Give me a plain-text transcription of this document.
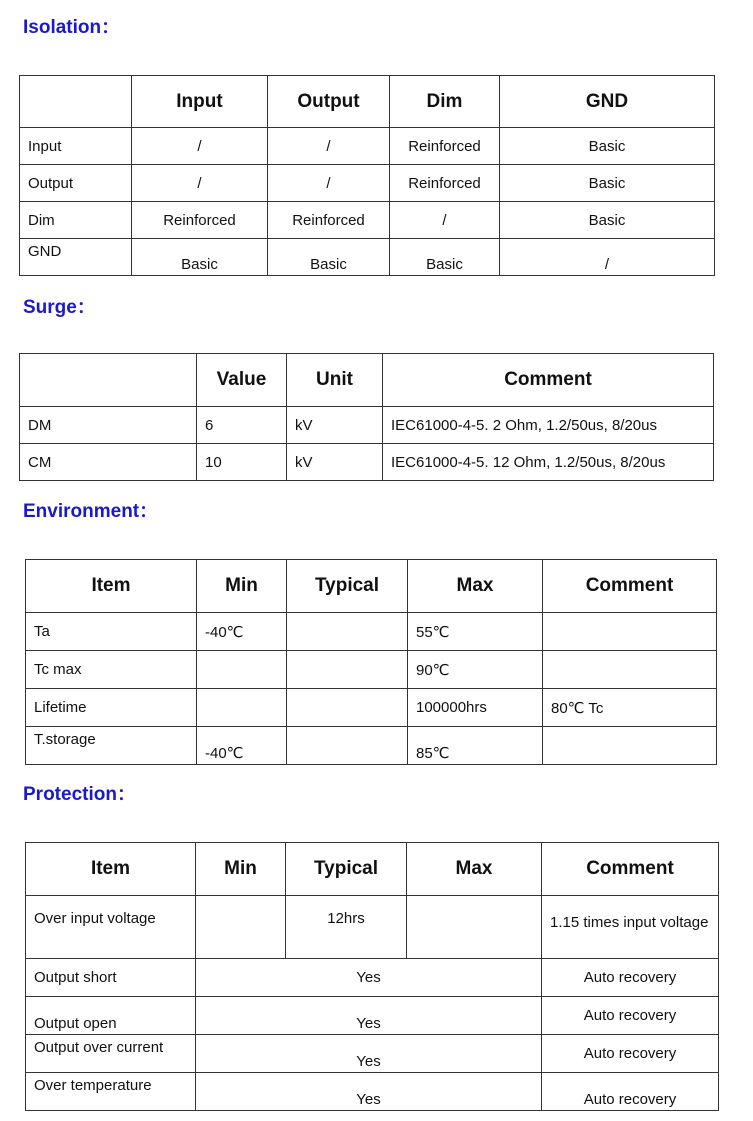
Isolation：
	Input	Output	Dim	GND
Input	/	/	Reinforced	Basic
Output	/	/	Reinforced	Basic
Dim	Reinforced	Reinforced	/	Basic
GND	Basic	Basic	Basic	/
Surge：
	Value	Unit	Comment
DM	6	kV	IEC61000-4-5. 2 Ohm, 1.2/50us, 8/20us
CM	10	kV	IEC61000-4-5. 12 Ohm, 1.2/50us, 8/20us
Environment：
Item	Min	Typical	Max	Comment
Ta	-40℃		55℃	
Tc max			90℃	
Lifetime			100000hrs	80℃ Tc
T.storage	-40℃		85℃	
Protection：
Item	Min	Typical	Max	Comment
Over input voltage		12hrs		1.15 times input voltage
Output short	Yes			Auto recovery
Output open	Yes			Auto recovery
Output over current	Yes			Auto recovery
Over temperature	Yes			Auto recovery
